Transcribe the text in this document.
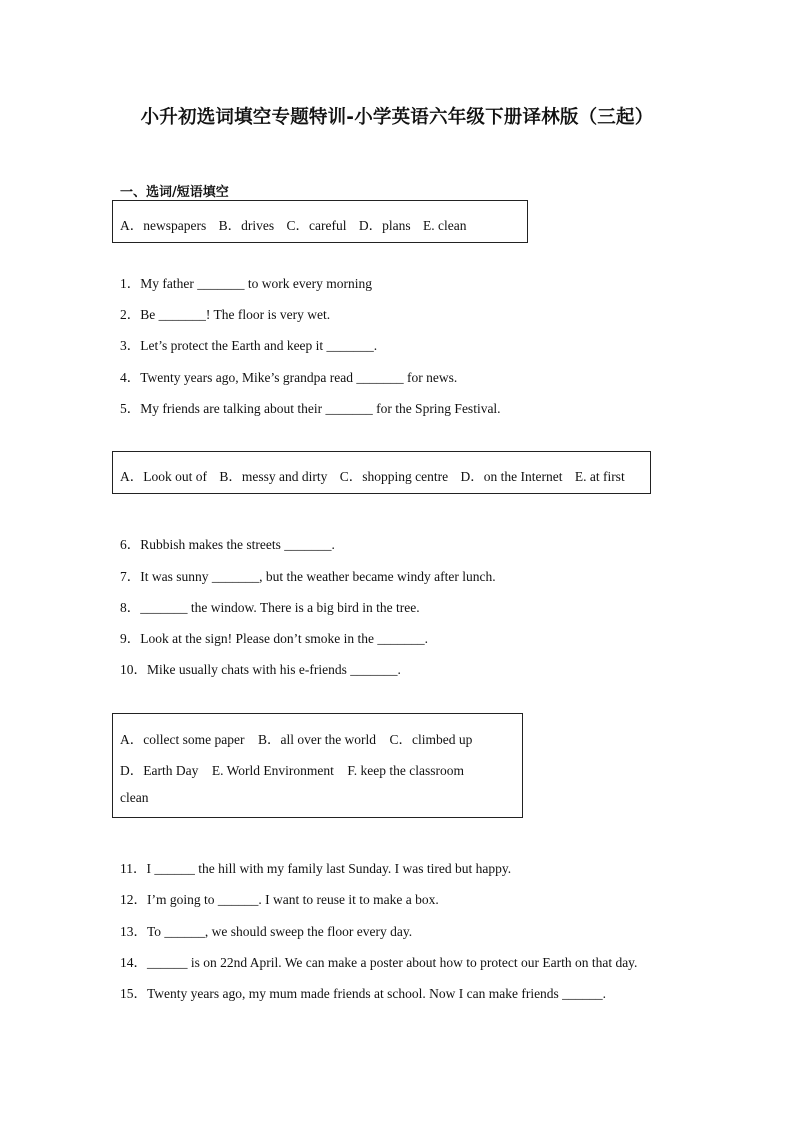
小升初选词填空专题特训-小学英语六年级下册译林版（三起）
一、选词/短语填空
A．newspapers B．drives C．careful D．plans E. clean
1．My father _______ to work every morning
2．Be _______! The floor is very wet.
3．Let’s protect the Earth and keep it _______.
4．Twenty years ago, Mike’s grandpa read _______ for news.
5．My friends are talking about their _______ for the Spring Festival.
A．Look out of B．messy and dirty C．shopping centre D．on the Internet E. at first
6．Rubbish makes the streets _______.
7．It was sunny _______, but the weather became windy after lunch.
8．_______ the window. There is a big bird in the tree.
9．Look at the sign! Please don’t smoke in the _______.
10．Mike usually chats with his e-friends _______.
A．collect some paper    B．all over the world    C．climbed up
D．Earth Day    E. World Environment    F. keep the classroom
clean
11．I ______ the hill with my family last Sunday. I was tired but happy.
12．I’m going to ______. I want to reuse it to make a box.
13．To ______, we should sweep the floor every day.
14．______ is on 22nd April. We can make a poster about how to protect our Earth on that day.
15．Twenty years ago, my mum made friends at school. Now I can make friends ______.
